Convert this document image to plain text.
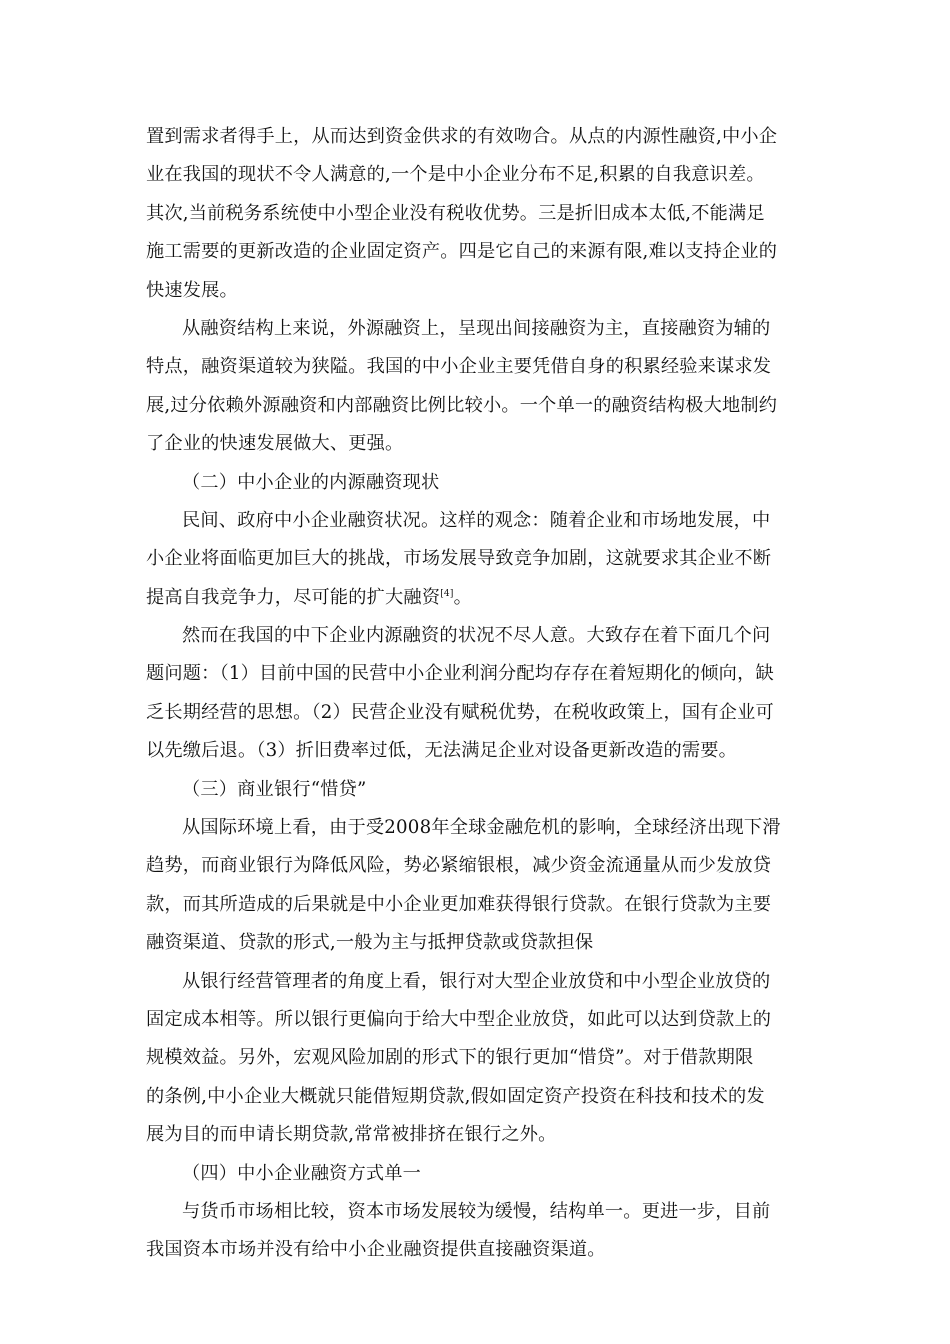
置到需求者得手上，从而达到资金供求的有效吻合。从点的内源性融资,中小企
业在我国的现状不令人满意的,一个是中小企业分布不足,积累的自我意识差。
其次,当前税务系统使中小型企业没有税收优势。三是折旧成本太低,不能满足
施工需要的更新改造的企业固定资产。四是它自己的来源有限,难以支持企业的
快速发展。
从融资结构上来说，外源融资上，呈现出间接融资为主，直接融资为辅的
特点，融资渠道较为狭隘。我国的中小企业主要凭借自身的积累经验来谋求发
展,过分依赖外源融资和内部融资比例比较小。一个单一的融资结构极大地制约
了企业的快速发展做大、更强。
（二）中小企业的内源融资现状
民间、政府中小企业融资状况。这样的观念：随着企业和市场地发展，中
小企业将面临更加巨大的挑战，市场发展导致竞争加剧，这就要求其企业不断
提高自我竞争力，尽可能的扩大融资[4]。
然而在我国的中下企业内源融资的状况不尽人意。大致存在着下面几个问
题问题：（1）目前中国的民营中小企业利润分配均存存在着短期化的倾向，缺
乏长期经营的思想。（2）民营企业没有赋税优势，在税收政策上，国有企业可
以先缴后退。（3）折旧费率过低，无法满足企业对设备更新改造的需要。
（三）商业银行“惜贷”
从国际环境上看，由于受2008年全球金融危机的影响，全球经济出现下滑
趋势，而商业银行为降低风险，势必紧缩银根，减少资金流通量从而少发放贷
款，而其所造成的后果就是中小企业更加难获得银行贷款。在银行贷款为主要
融资渠道、贷款的形式,一般为主与抵押贷款或贷款担保
从银行经营管理者的角度上看，银行对大型企业放贷和中小型企业放贷的
固定成本相等。所以银行更偏向于给大中型企业放贷，如此可以达到贷款上的
规模效益。另外，宏观风险加剧的形式下的银行更加“惜贷”。对于借款期限
的条例,中小企业大概就只能借短期贷款,假如固定资产投资在科技和技术的发
展为目的而申请长期贷款,常常被排挤在银行之外。
（四）中小企业融资方式单一
与货币市场相比较，资本市场发展较为缓慢，结构单一。更进一步，目前
我国资本市场并没有给中小企业融资提供直接融资渠道。
